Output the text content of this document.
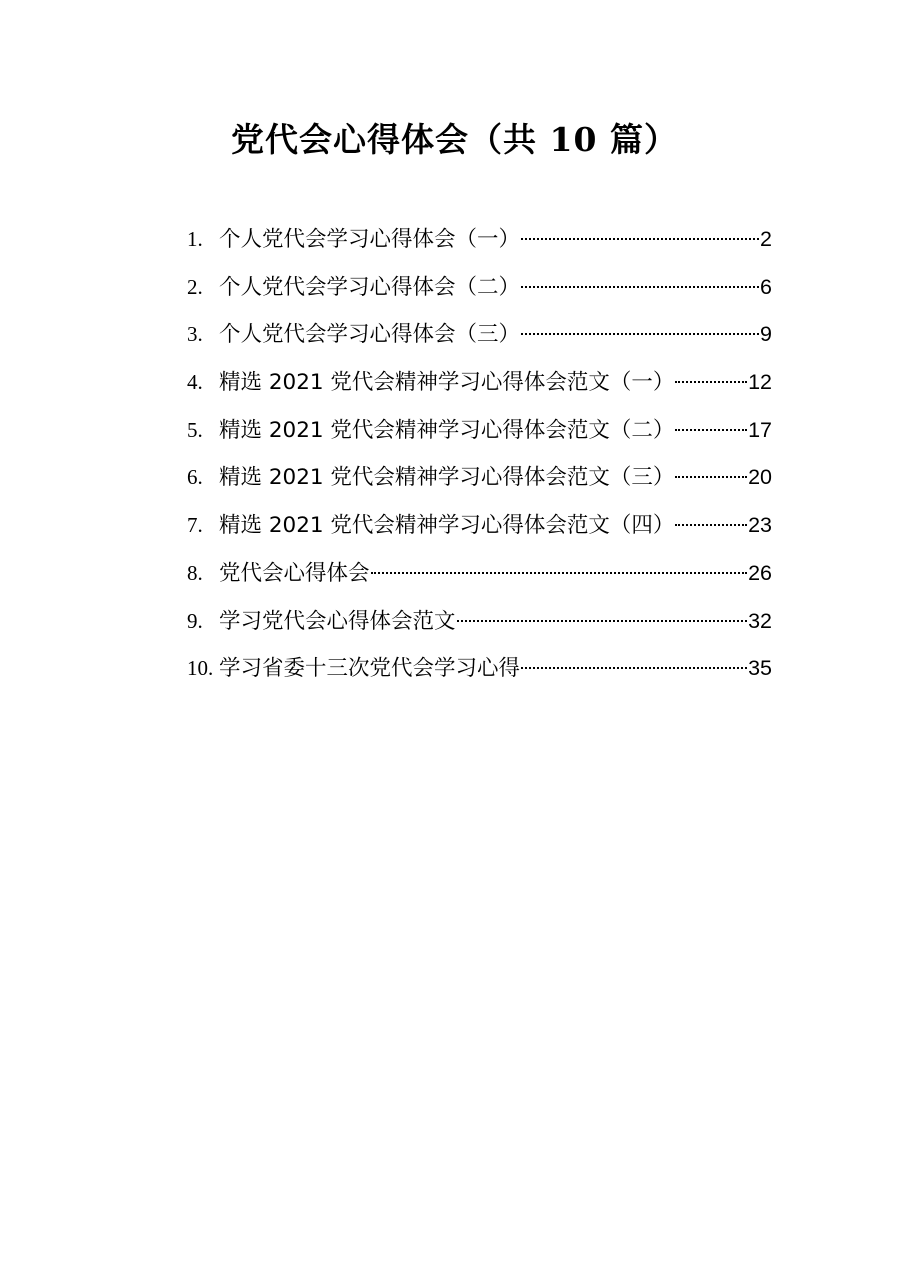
党代会心得体会（共 10 篇）
1. 个人党代会学习心得体会（一）	2
2. 个人党代会学习心得体会（二）	6
3. 个人党代会学习心得体会（三）	9
4. 精选 2021 党代会精神学习心得体会范文（一）	12
5. 精选 2021 党代会精神学习心得体会范文（二）	17
6. 精选 2021 党代会精神学习心得体会范文（三）	20
7. 精选 2021 党代会精神学习心得体会范文（四）	23
8. 党代会心得体会	26
9. 学习党代会心得体会范文	32
10. 学习省委十三次党代会学习心得	35
